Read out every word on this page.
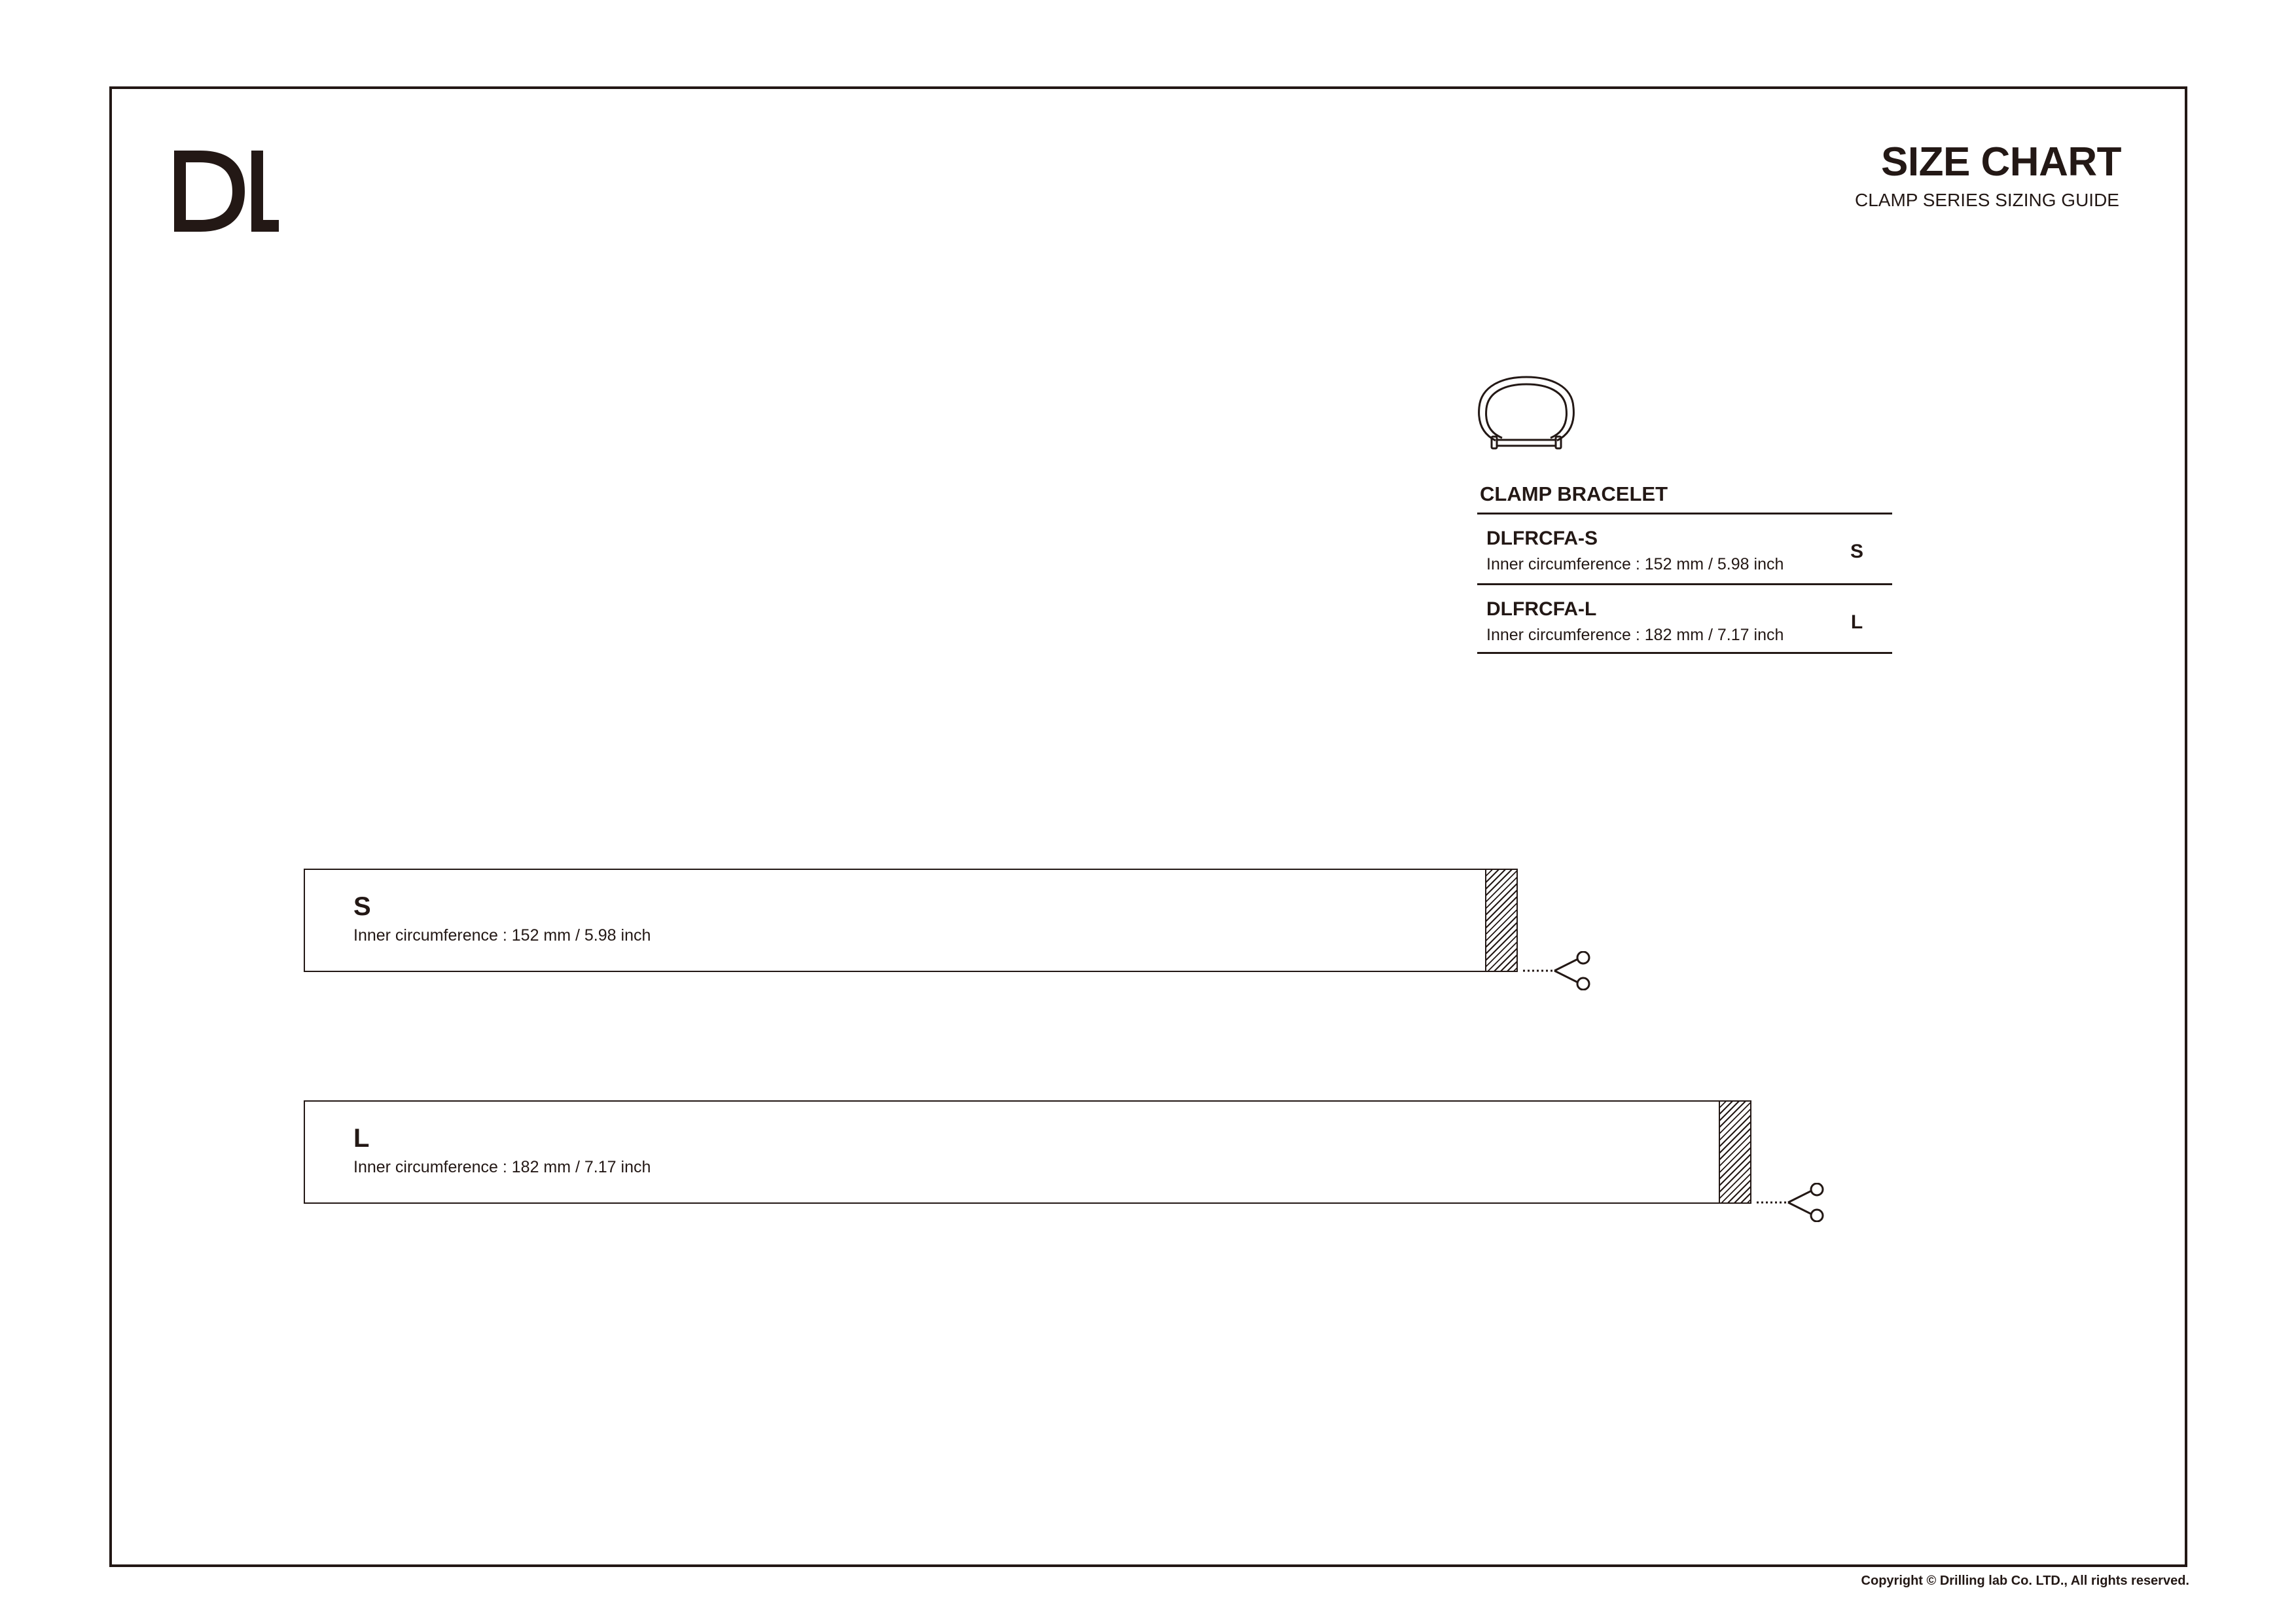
SIZE CHART
CLAMP SERIES SIZING GUIDE
CLAMP BRACELET
DLFRCFA-S
Inner circumference : 152 mm / 5.98 inch
S
DLFRCFA-L
Inner circumference : 182 mm / 7.17 inch
L
S
Inner circumference : 152 mm / 5.98 inch
L
Inner circumference : 182 mm / 7.17 inch
Copyright © Drilling lab Co. LTD., All rights reserved.
